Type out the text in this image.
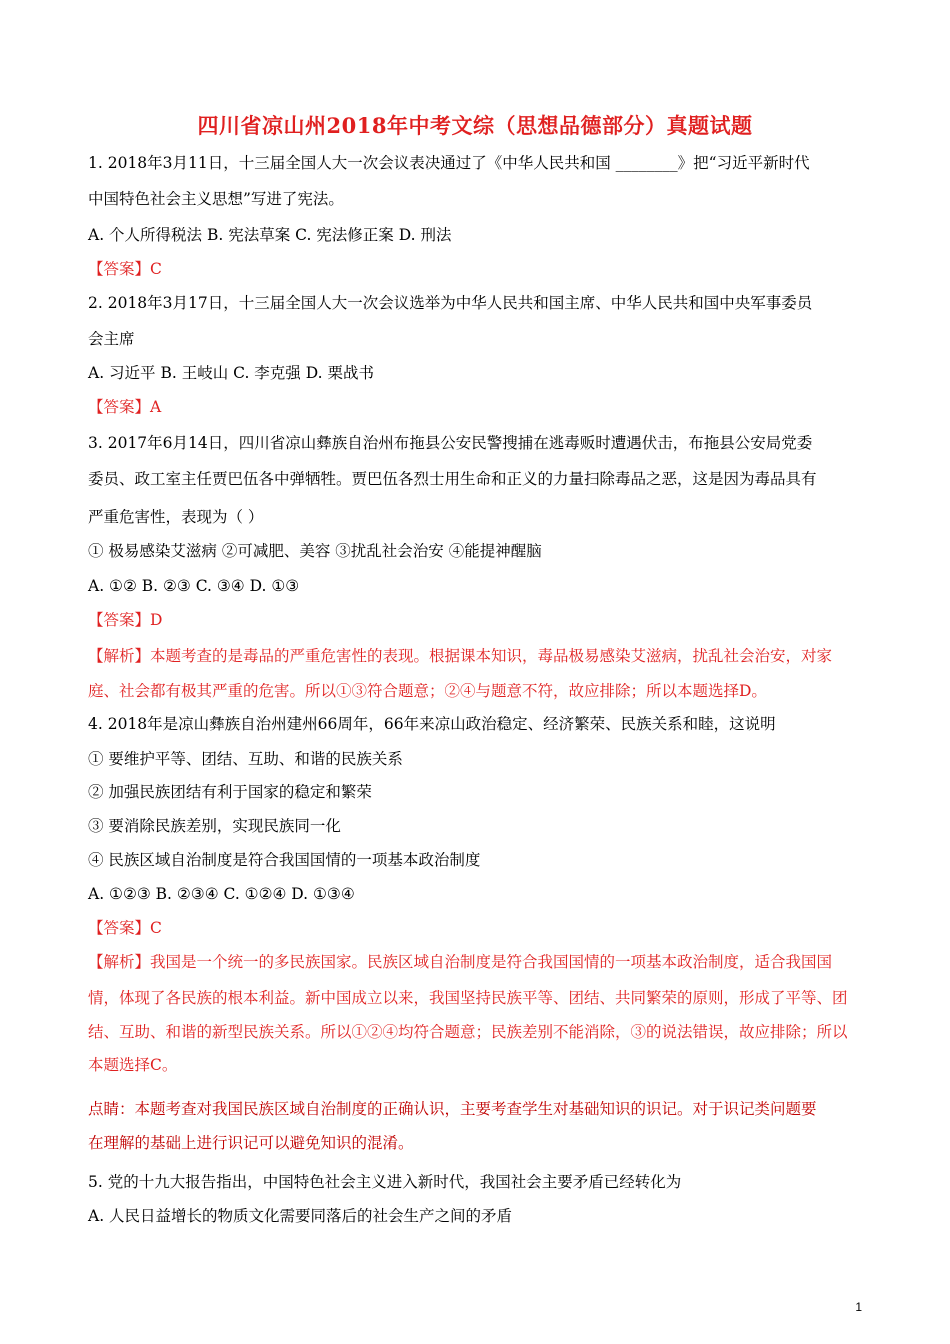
四川省凉山州2018年中考文综（思想品德部分）真题试题
1. 2018年3月11日，十三届全国人大一次会议表决通过了《中华人民共和国 ________》把“习近平新时代
中国特色社会主义思想”写进了宪法。
A. 个人所得税法 B. 宪法草案 C. 宪法修正案 D. 刑法
【答案】C
2. 2018年3月17日，十三届全国人大一次会议选举为中华人民共和国主席、中华人民共和国中央军事委员
会主席
A. 习近平 B. 王岐山 C. 李克强 D. 栗战书
【答案】A
3. 2017年6月14日，四川省凉山彝族自治州布拖县公安民警搜捕在逃毒贩时遭遇伏击，布拖县公安局党委
委员、政工室主任贾巴伍各中弹牺牲。贾巴伍各烈士用生命和正义的力量扫除毒品之恶，这是因为毒品具有
严重危害性，表现为（ ）
① 极易感染艾滋病 ②可减肥、美容 ③扰乱社会治安 ④能提神醒脑
A. ①② B. ②③ C. ③④ D. ①③
【答案】D
【解析】本题考查的是毒品的严重危害性的表现。根据课本知识，毒品极易感染艾滋病，扰乱社会治安，对家
庭、社会都有极其严重的危害。所以①③符合题意；②④与题意不符，故应排除；所以本题选择D。
4. 2018年是凉山彝族自治州建州66周年，66年来凉山政治稳定、经济繁荣、民族关系和睦，这说明
① 要维护平等、团结、互助、和谐的民族关系
② 加强民族团结有利于国家的稳定和繁荣
③ 要消除民族差别，实现民族同一化
④ 民族区域自治制度是符合我国国情的一项基本政治制度
A. ①②③ B. ②③④ C. ①②④ D. ①③④
【答案】C
【解析】我国是一个统一的多民族国家。民族区域自治制度是符合我国国情的一项基本政治制度，适合我国国
情，体现了各民族的根本利益。新中国成立以来，我国坚持民族平等、团结、共同繁荣的原则，形成了平等、团
结、互助、和谐的新型民族关系。所以①②④均符合题意；民族差别不能消除，③的说法错误，故应排除；所以
本题选择C。
点睛：本题考查对我国民族区域自治制度的正确认识，主要考查学生对基础知识的识记。对于识记类问题要
在理解的基础上进行识记可以避免知识的混淆。
5. 党的十九大报告指出，中国特色社会主义进入新时代，我国社会主要矛盾已经转化为
A. 人民日益增长的物质文化需要同落后的社会生产之间的矛盾
1
